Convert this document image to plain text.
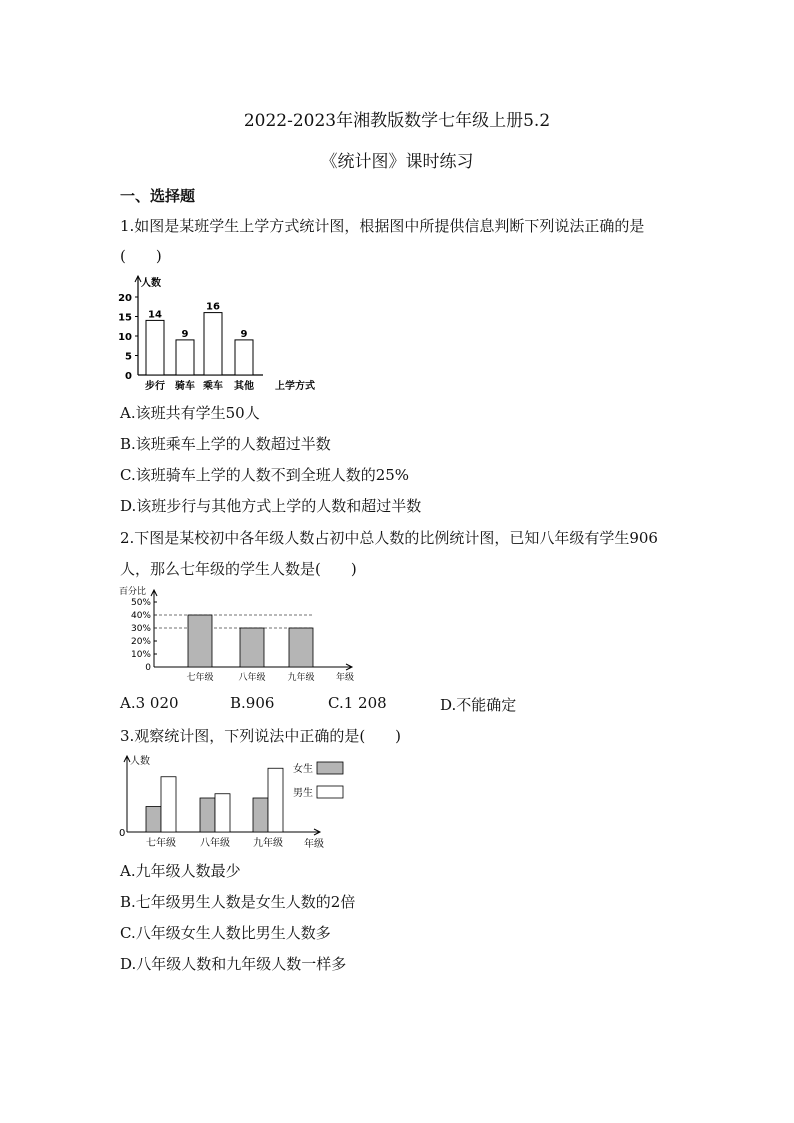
2022-2023年湘教版数学七年级上册5.2
《统计图》课时练习
一、选择题
1.如图是某班学生上学方式统计图，根据图中所提供信息判断下列说法正确的是
(　　)
人数
上学方式
0
5
10
15
20
14
步行
9
骑车
16
乘车
9
其他
A.该班共有学生50人
B.该班乘车上学的人数超过半数
C.该班骑车上学的人数不到全班人数的25%
D.该班步行与其他方式上学的人数和超过半数
2.下图是某校初中各年级人数占初中总人数的比例统计图，已知八年级有学生906
人，那么七年级的学生人数是(　　)
百分比
年级
0
10%
20%
30%
40%
50%
七年级	八年级 九年级
A.3 020	B.906	C.1 208	D.不能确定
3.观察统计图，下列说法中正确的是(　　)
人数
0
年级
七年级 八年级 九年级
女生
男生
A.九年级人数最少
B.七年级男生人数是女生人数的2倍
C.八年级女生人数比男生人数多
D.八年级人数和九年级人数一样多
